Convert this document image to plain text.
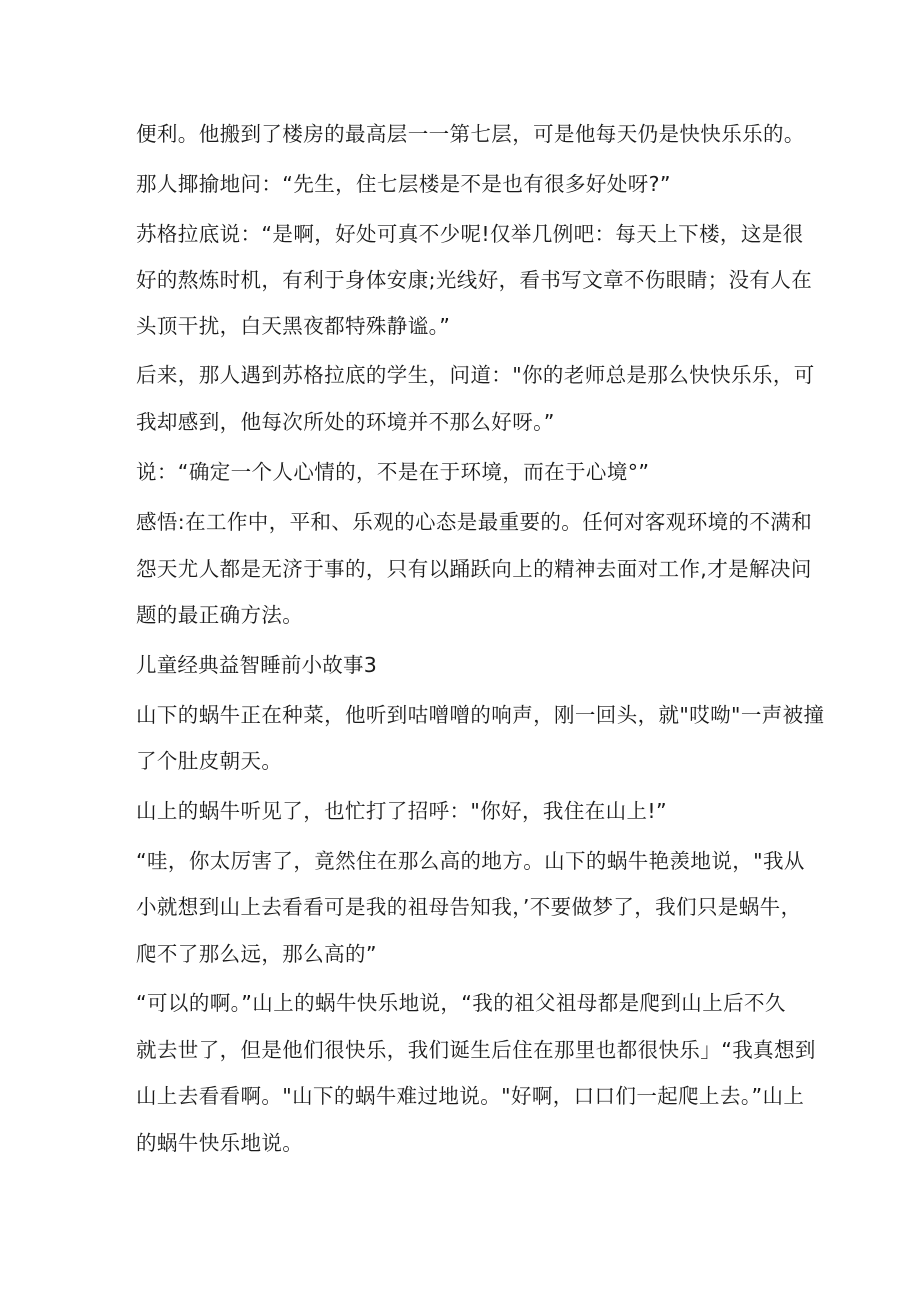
便利。他搬到了楼房的最高层一一第七层，可是他每天仍是快快乐乐的。
那人揶揄地问：“先生，住七层楼是不是也有很多好处呀?”
苏格拉底说：“是啊，好处可真不少呢!仅举几例吧：每天上下楼，这是很
好的熬炼时机，有利于身体安康;光线好，看书写文章不伤眼睛；没有人在
头顶干扰，白天黑夜都特殊静谧。”
后来，那人遇到苏格拉底的学生，问道："你的老师总是那么快快乐乐，可
我却感到，他每次所处的环境并不那么好呀。”
说：“确定一个人心情的，不是在于环境，而在于心境°”
感悟:在工作中，平和、乐观的心态是最重要的。任何对客观环境的不满和
怨天尤人都是无济于事的，只有以踊跃向上的精神去面对工作,才是解决问
题的最正确方法。
儿童经典益智睡前小故事3
山下的蜗牛正在种菜，他听到咕噌噌的响声，刚一回头，就"哎呦"一声被撞
了个肚皮朝天。
山上的蜗牛听见了，也忙打了招呼："你好，我住在山上!”
“哇，你太厉害了，竟然住在那么高的地方。山下的蜗牛艳羡地说，"我从
小就想到山上去看看可是我的祖母告知我，’不要做梦了，我们只是蜗牛，
爬不了那么远，那么高的”
“可以的啊。”山上的蜗牛快乐地说，“我的祖父祖母都是爬到山上后不久
就去世了，但是他们很快乐，我们诞生后住在那里也都很快乐」“我真想到
山上去看看啊。"山下的蜗牛难过地说。"好啊，口口们一起爬上去。”山上
的蜗牛快乐地说。
